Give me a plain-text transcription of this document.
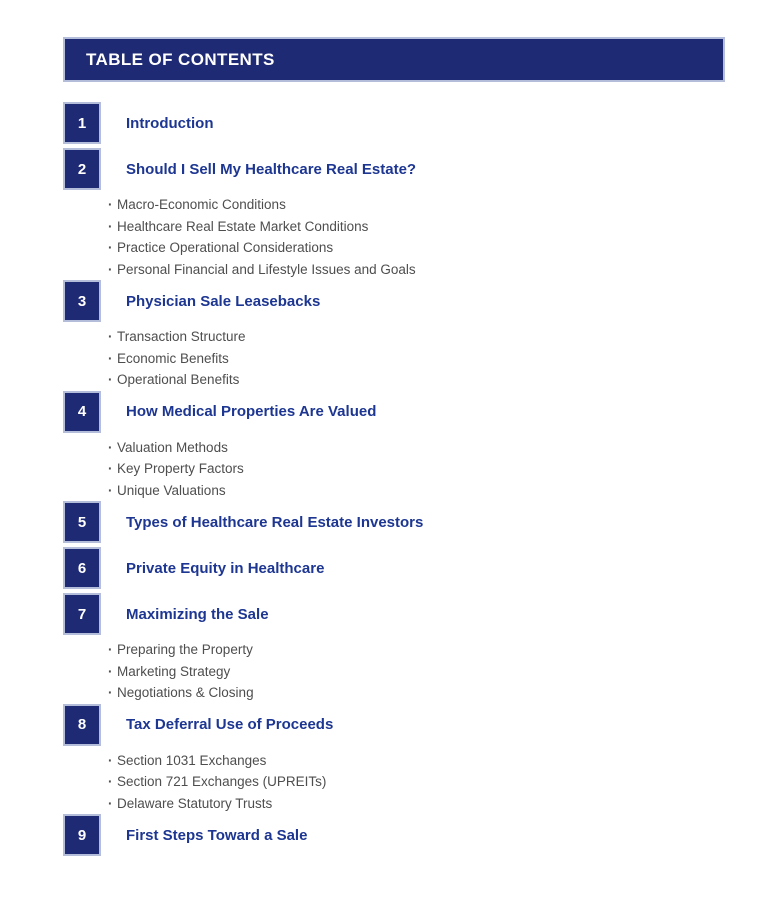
TABLE OF CONTENTS
1	Introduction
2	Should I Sell My Healthcare Real Estate?
· Macro-Economic Conditions
· Healthcare Real Estate Market Conditions
· Practice Operational Considerations
· Personal Financial and Lifestyle Issues and Goals
3	Physician Sale Leasebacks
· Transaction Structure
· Economic Benefits
· Operational Benefits
4	How Medical Properties Are Valued
· Valuation Methods
· Key Property Factors
· Unique Valuations
5	Types of Healthcare Real Estate Investors
6	Private Equity in Healthcare
7	Maximizing the Sale
· Preparing the Property
· Marketing Strategy
· Negotiations & Closing
8	Tax Deferral Use of Proceeds
· Section 1031 Exchanges
· Section 721 Exchanges (UPREITs)
· Delaware Statutory Trusts
9	First Steps Toward a Sale
